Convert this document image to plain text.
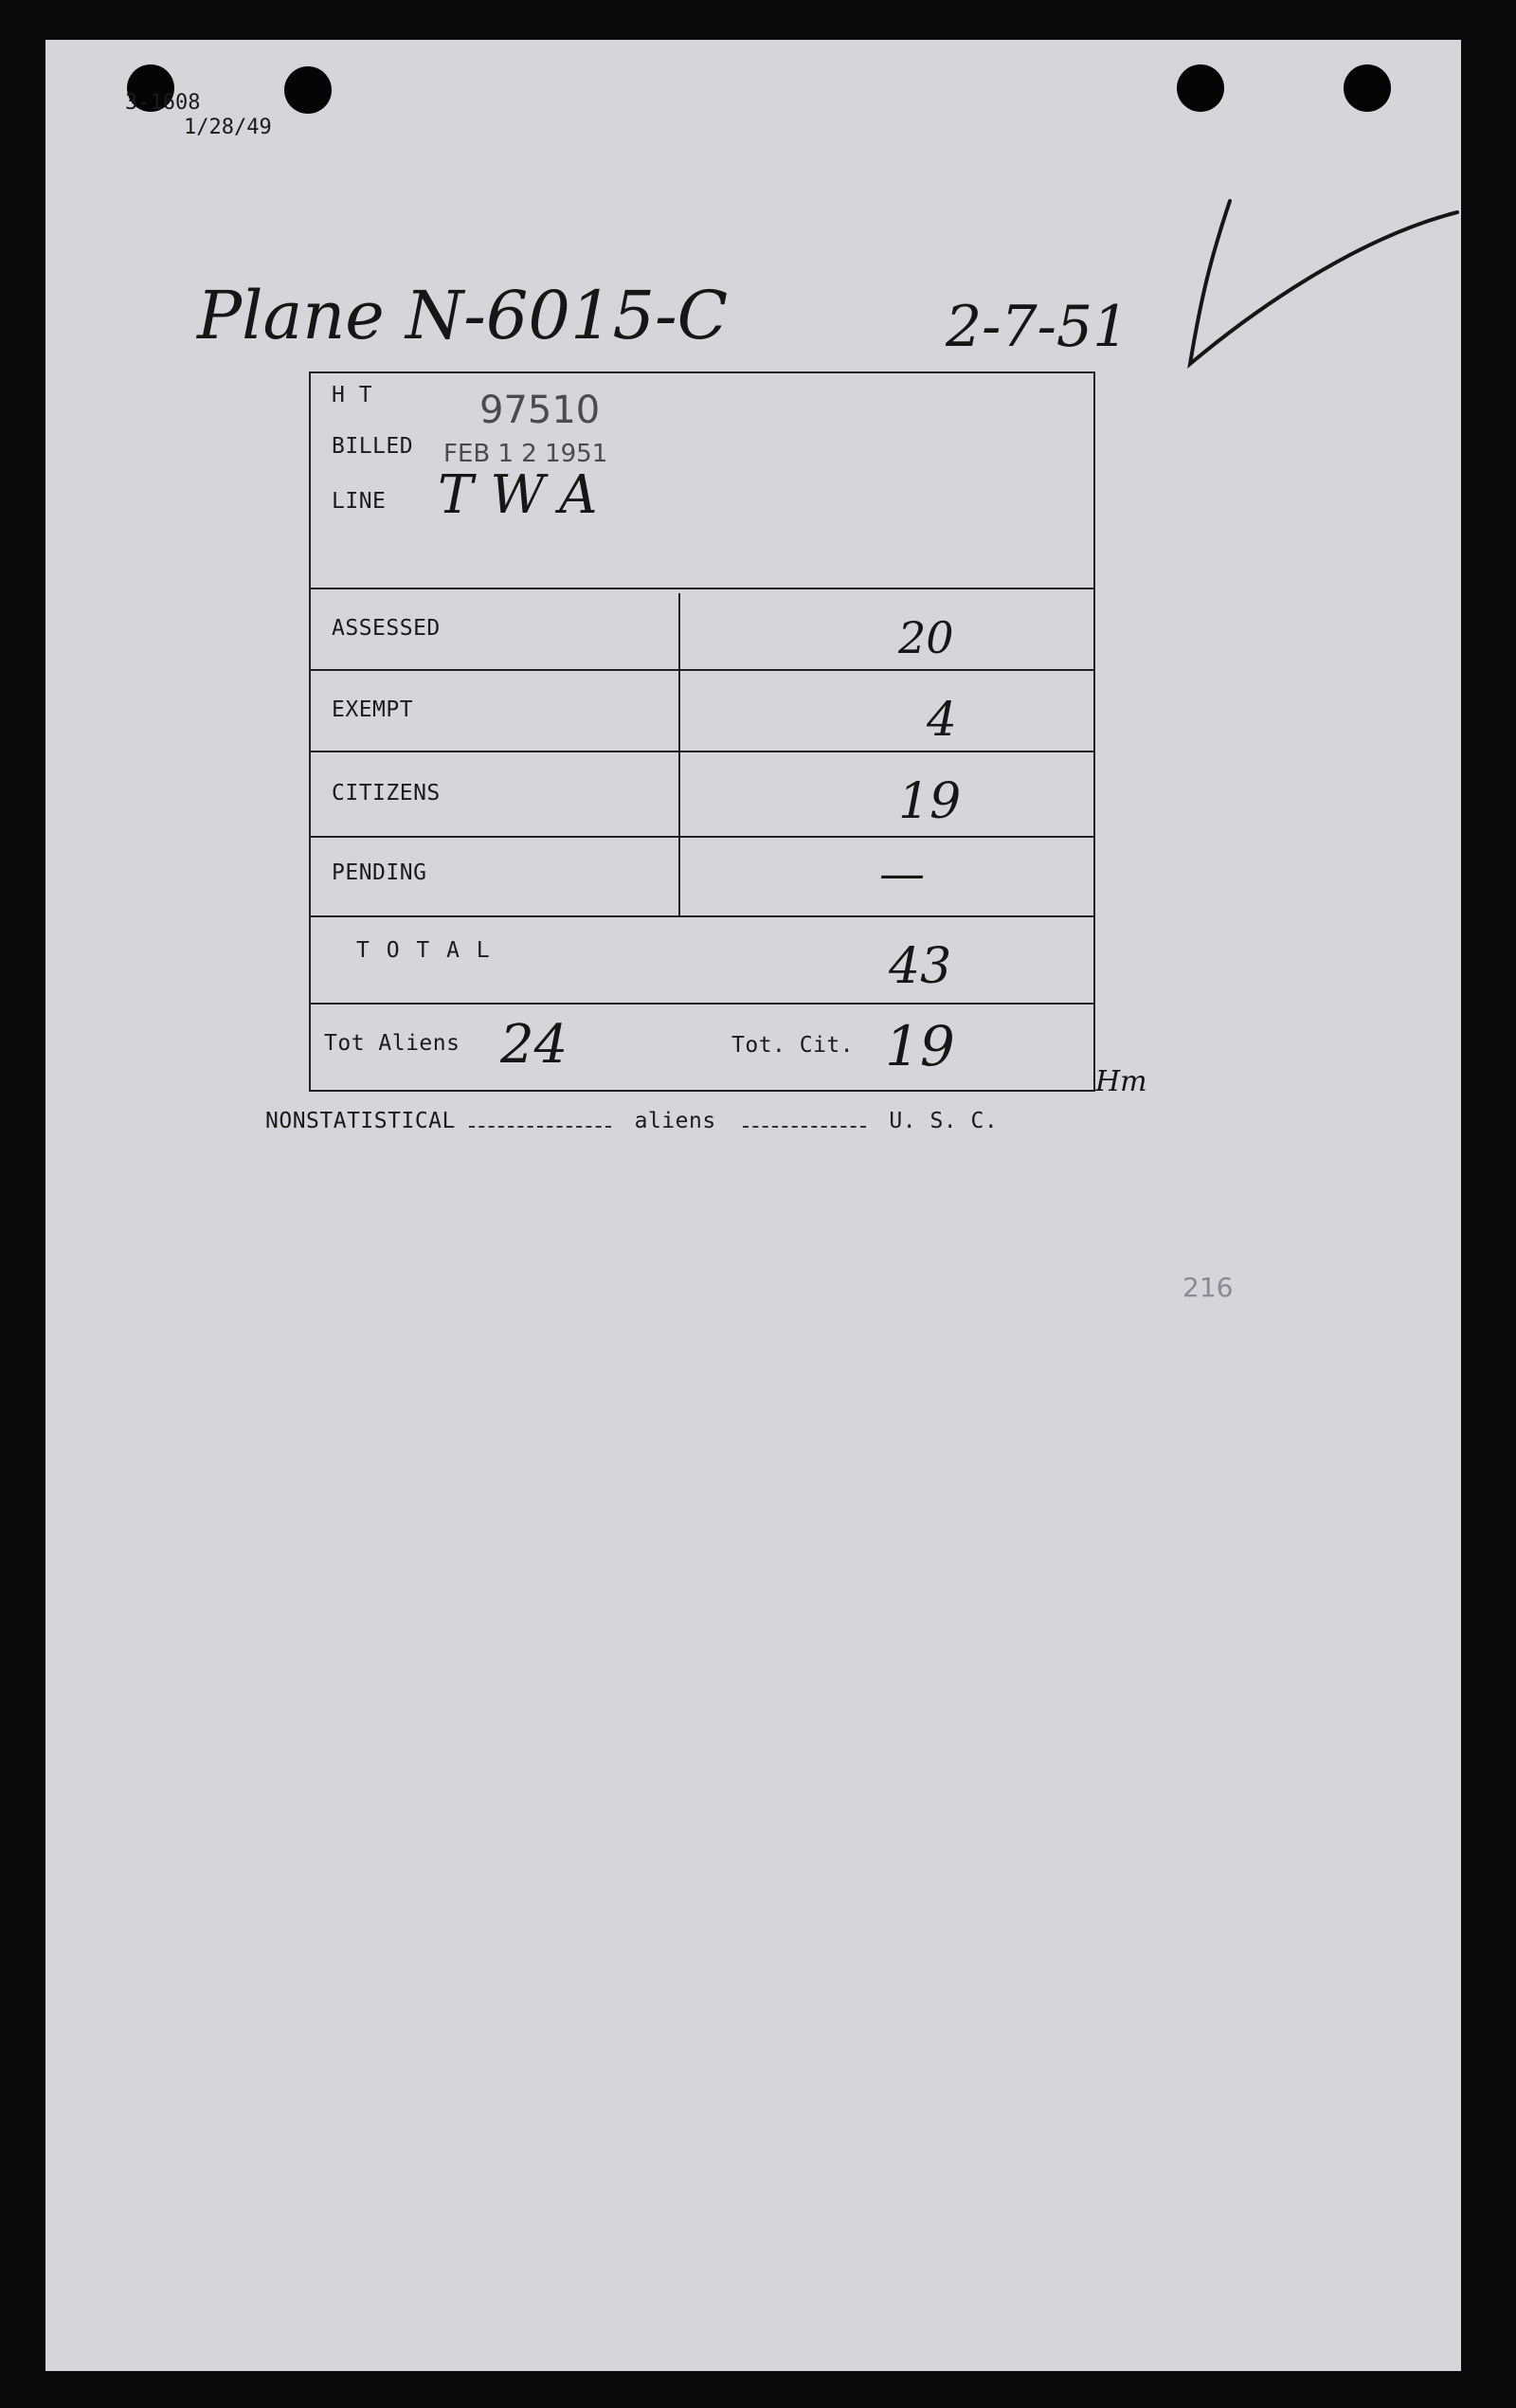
3-1608
1/28/49
Plane N-6015-C	2-7-51
H T	97510
BILLED FEB 1 2 1951
LINE TWA
ASSESSED	20
EXEMPT	4
CITIZENS	19
PENDING	—
T O T A L	43
Tot Aliens 24	Tot. Cit. 19
Hm
NONSTATISTICAL	aliens	U. S. C.
216
